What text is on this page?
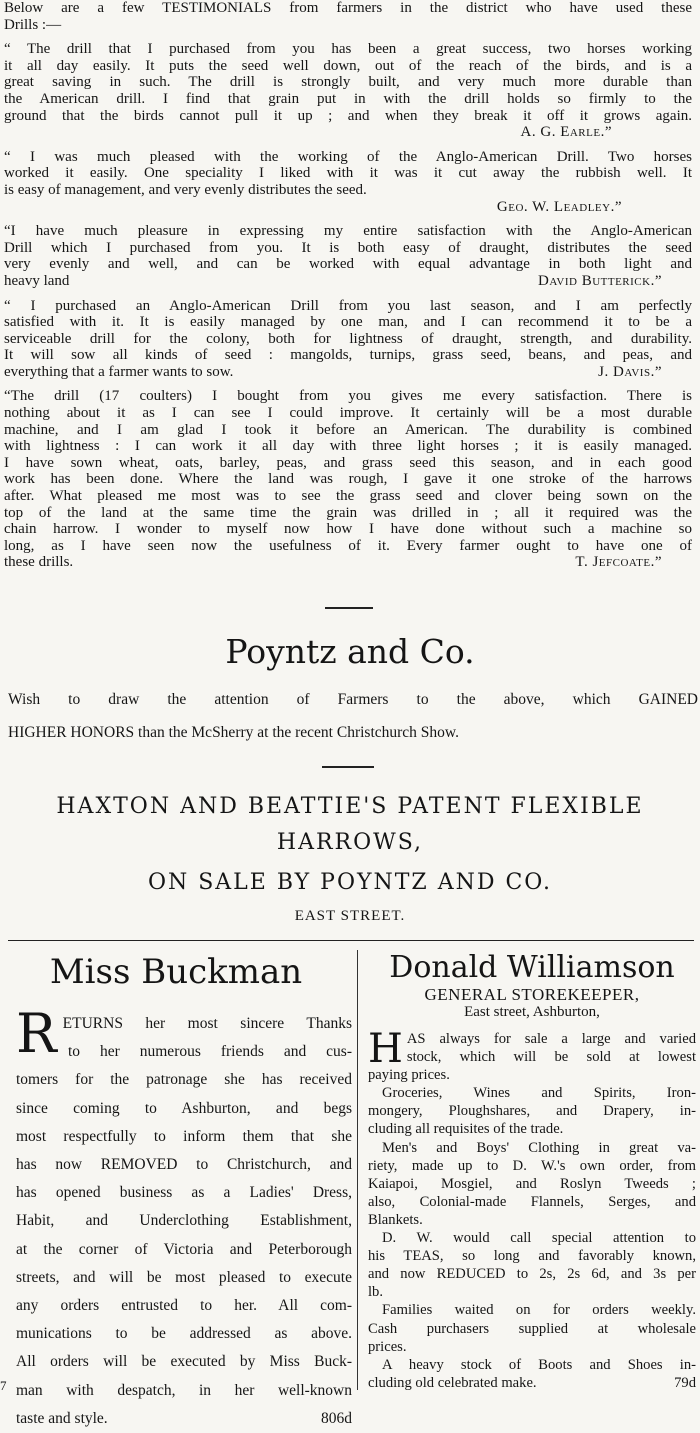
Below are a few TESTIMONIALS from farmers in the district who have used these
Drills :—
“ The drill that I purchased from you has been a great success, two horses working
it all day easily. It puts the seed well down, out of the reach of the birds, and is a
great saving in such. The drill is strongly built, and very much more durable than
the American drill. I find that grain put in with the drill holds so firmly to the
ground that the birds cannot pull it up ; and when they break it off it grows again.
A. G. Earle.”
“ I was much pleased with the working of the Anglo-American Drill. Two horses
worked it easily. One speciality I liked with it was it cut away the rubbish well. It
is easy of management, and very evenly distributes the seed.
Geo. W. Leadley.”
“I have much pleasure in expressing my entire satisfaction with the Anglo-American
Drill which I purchased from you. It is both easy of draught, distributes the seed
very evenly and well, and can be worked with equal advantage in both light and
heavy land	David Butterick.”
“ I purchased an Anglo-American Drill from you last season, and I am perfectly
satisfied with it. It is easily managed by one man, and I can recommend it to be a
serviceable drill for the colony, both for lightness of draught, strength, and durability.
It will sow all kinds of seed : mangolds, turnips, grass seed, beans, and peas, and
everything that a farmer wants to sow.	J. Davis.”
“The drill (17 coulters) I bought from you gives me every satisfaction. There is
nothing about it as I can see I could improve. It certainly will be a most durable
machine, and I am glad I took it before an American. The durability is combined
with lightness : I can work it all day with three light horses ; it is easily managed.
I have sown wheat, oats, barley, peas, and grass seed this season, and in each good
work has been done. Where the land was rough, I gave it one stroke of the harrows
after. What pleased me most was to see the grass seed and clover being sown on the
top of the land at the same time the grain was drilled in ; all it required was the
chain harrow. I wonder to myself now how I have done without such a machine so
long, as I have seen now the usefulness of it. Every farmer ought to have one of
these drills.	T. Jefcoate.”
Poyntz and Co.
Wish to draw the attention of Farmers to the above, which GAINED
HIGHER HONORS than the McSherry at the recent Christchurch Show.
HAXTON AND BEATTIE'S PATENT FLEXIBLE
HARROWS,
ON SALE BY POYNTZ AND CO.
EAST STREET.
Miss Buckman
R ETURNS her most sincere Thanks
to her numerous friends and cus-
tomers for the patronage she has received
since coming to Ashburton, and begs
most respectfully to inform them that she
has now REMOVED to Christchurch, and
has opened business as a Ladies' Dress,
Habit, and Underclothing Establishment,
at the corner of Victoria and Peterborough
streets, and will be most pleased to execute
any orders entrusted to her. All com-
munications to be addressed as above.
All orders will be executed by Miss Buck-
man with despatch, in her well-known
taste and style.	806d
Donald Williamson
GENERAL STOREKEEPER,
East street, Ashburton,
H AS always for sale a large and varied
stock, which will be sold at lowest
paying prices.
Groceries, Wines and Spirits, Iron-
mongery, Ploughshares, and Drapery, in-
cluding all requisites of the trade.
Men's and Boys' Clothing in great va-
riety, made up to D. W.'s own order, from
Kaiapoi, Mosgiel, and Roslyn Tweeds ;
also, Colonial-made Flannels, Serges, and
Blankets.
D. W. would call special attention to
his TEAS, so long and favorably known,
and now REDUCED to 2s, 2s 6d, and 3s per
lb.
Families waited on for orders weekly.
Cash purchasers supplied at wholesale
prices.
A heavy stock of Boots and Shoes in-
cluding old celebrated make.	79d
7
